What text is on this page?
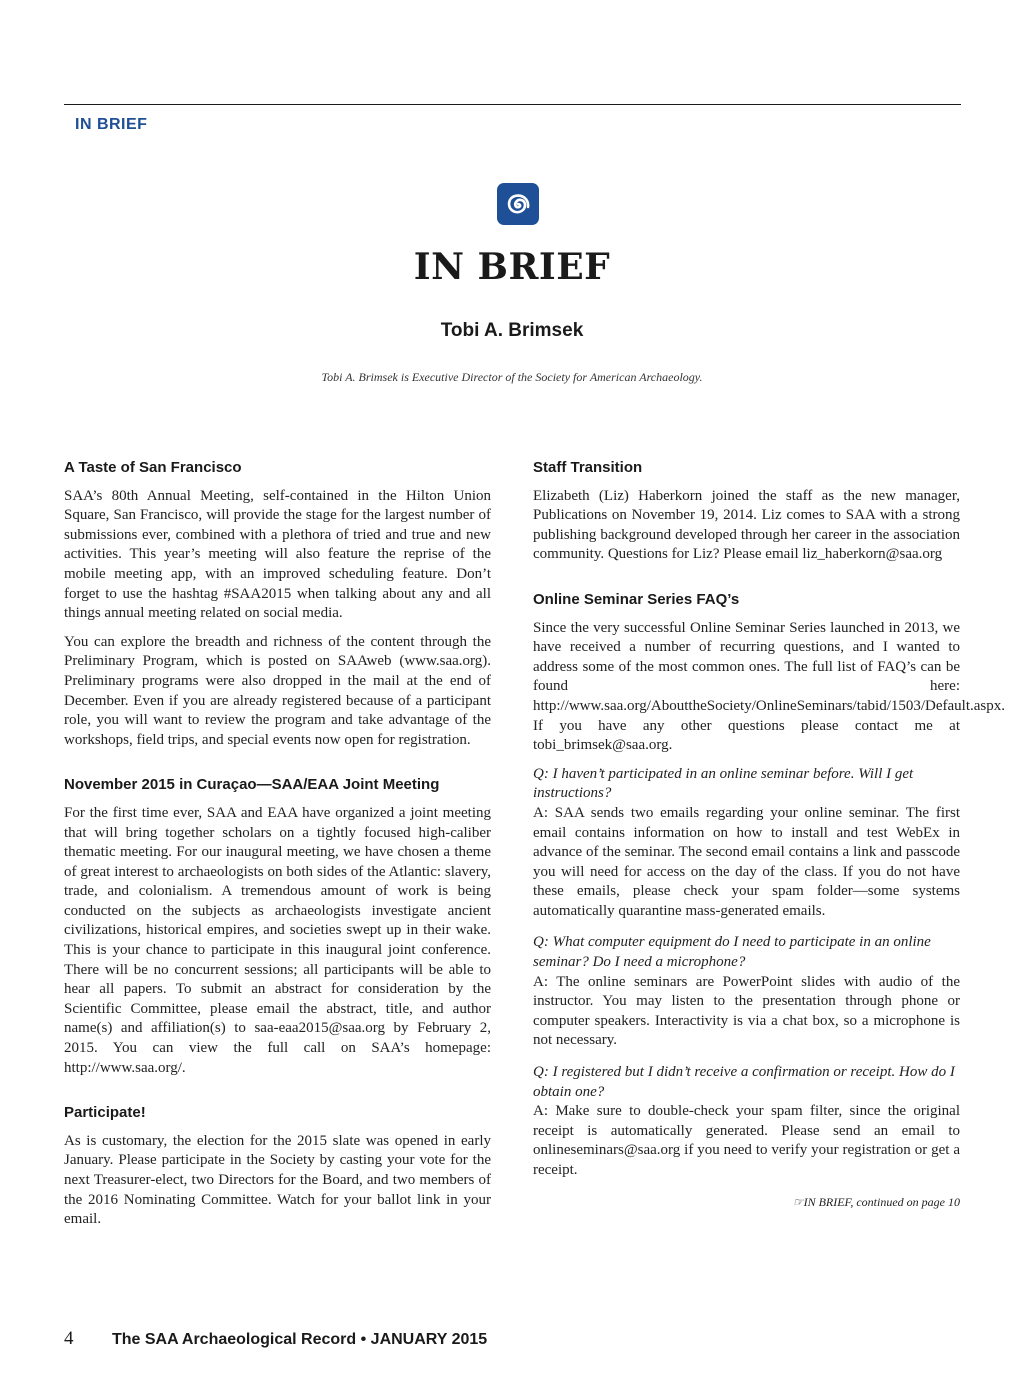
IN BRIEF
IN BRIEF
Tobi A. Brimsek
Tobi A. Brimsek is Executive Director of the Society for American Archaeology.
A Taste of San Francisco

SAA’s 80th Annual Meeting, self-contained in the Hilton Union Square, San Francisco, will provide the stage for the largest number of submissions ever, combined with a plethora of tried and true and new activities. This year’s meeting will also feature the reprise of the mobile meeting app, with an improved scheduling feature. Don’t forget to use the hashtag #SAA2015 when talking about any and all things annual meeting related on social media.

You can explore the breadth and richness of the content through the Preliminary Program, which is posted on SAAweb (www.saa.org). Preliminary programs were also dropped in the mail at the end of December. Even if you are already registered because of a participant role, you will want to review the program and take advantage of the workshops, field trips, and special events now open for registration.

November 2015 in Curaçao—SAA/EAA Joint Meeting

For the first time ever, SAA and EAA have organized a joint meeting that will bring together scholars on a tightly focused high-caliber thematic meeting. For our inaugural meeting, we have chosen a theme of great interest to archaeologists on both sides of the Atlantic: slavery, trade, and colonialism. A tremendous amount of work is being conducted on the subjects as archaeologists investigate ancient civilizations, historical empires, and societies swept up in their wake. This is your chance to participate in this inaugural joint conference. There will be no concurrent sessions; all participants will be able to hear all papers. To submit an abstract for consideration by the Scientific Committee, please email the abstract, title, and author name(s) and affiliation(s) to saa-eaa2015@saa.org by February 2, 2015. You can view the full call on SAA’s homepage: http://www.saa.org/.

Participate!

As is customary, the election for the 2015 slate was opened in early January. Please participate in the Society by casting your vote for the next Treasurer-elect, two Directors for the Board, and two members of the 2016 Nominating Committee. Watch for your ballot link in your email.

Staff Transition

Elizabeth (Liz) Haberkorn joined the staff as the new manager, Publications on November 19, 2014. Liz comes to SAA with a strong publishing background developed through her career in the association community. Questions for Liz? Please email liz_haberkorn@saa.org

Online Seminar Series FAQ’s

Since the very successful Online Seminar Series launched in 2013, we have received a number of recurring questions, and I wanted to address some of the most common ones. The full list of FAQ’s can be found here: http://www.saa.org/AbouttheSociety/OnlineSeminars/tabid/1503/Default.aspx. If you have any other questions please contact me at tobi_brimsek@saa.org.

Q: I haven’t participated in an online seminar before. Will I get instructions?

A: SAA sends two emails regarding your online seminar. The first email contains information on how to install and test WebEx in advance of the seminar. The second email contains a link and passcode you will need for access on the day of the class. If you do not have these emails, please check your spam folder—some systems automatically quarantine mass-generated emails.

Q: What computer equipment do I need to participate in an online seminar? Do I need a microphone?

A: The online seminars are PowerPoint slides with audio of the instructor. You may listen to the presentation through phone or computer speakers. Interactivity is via a chat box, so a microphone is not necessary.

Q: I registered but I didn’t receive a confirmation or receipt. How do I obtain one?

A: Make sure to double-check your spam filter, since the original receipt is automatically generated. Please send an email to onlineseminars@saa.org if you need to verify your registration or get a receipt.

☞IN BRIEF, continued on page 10
4 The SAA Archaeological Record • JANUARY 2015
